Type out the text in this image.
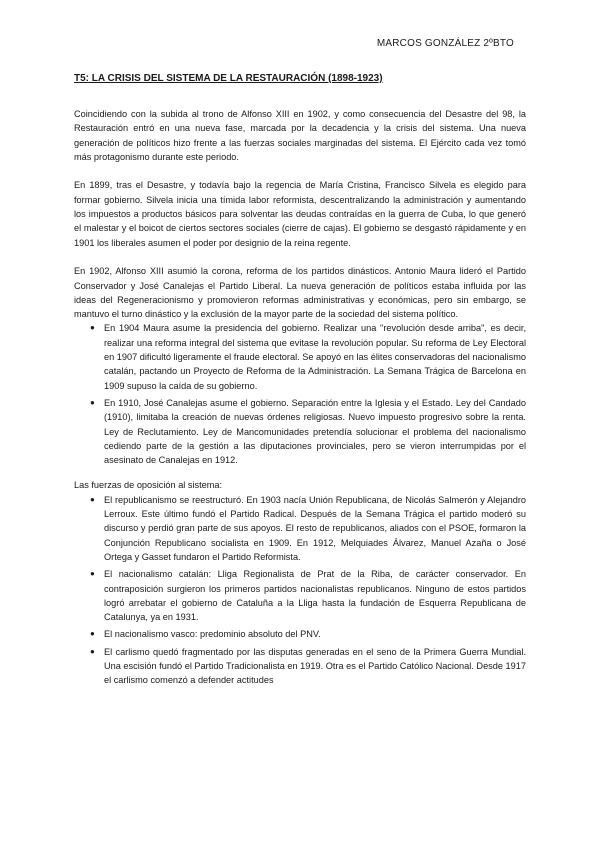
MARCOS GONZÁLEZ 2ºBTO
T5: LA CRISIS DEL SISTEMA DE LA RESTAURACIÓN (1898-1923)

Coincidiendo con la subida al trono de Alfonso XIII en 1902, y como consecuencia del Desastre del 98, la Restauración entró en una nueva fase, marcada por la decadencia y la crisis del sistema. Una nueva generación de políticos hizo frente a las fuerzas sociales marginadas del sistema. El Ejército cada vez tomó más protagonismo durante este periodo.

En 1899, tras el Desastre, y todavía bajo la regencia de María Cristina, Francisco Silvela es elegido para formar gobierno. Silvela inicia una tímida labor reformista, descentralizando la administración y aumentando los impuestos a productos básicos para solventar las deudas contraídas en la guerra de Cuba, lo que generó el malestar y el boicot de ciertos sectores sociales (cierre de cajas). El gobierno se desgastó rápidamente y en 1901 los liberales asumen el poder por designio de la reina regente.

En 1902, Alfonso XIII asumió la corona, reforma de los partidos dinásticos. Antonio Maura lideró el Partido Conservador y José Canalejas el Partido Liberal. La nueva generación de políticos estaba influida por las ideas del Regeneracionismo y promovieron reformas administrativas y económicas, pero sin embargo, se mantuvo el turno dinástico y la exclusión de la mayor parte de la sociedad del sistema político.

● En 1904 Maura asume la presidencia del gobierno. Realizar una "revolución desde arriba", es decir, realizar una reforma integral del sistema que evitase la revolución popular. Su reforma de Ley Electoral en 1907 dificultó ligeramente el fraude electoral. Se apoyó en las élites conservadoras del nacionalismo catalán, pactando un Proyecto de Reforma de la Administración. La Semana Trágica de Barcelona en 1909 supuso la caída de su gobierno.
● En 1910, José Canalejas asume el gobierno. Separación entre la Iglesia y el Estado. Ley del Candado (1910), limitaba la creación de nuevas órdenes religiosas. Nuevo impuesto progresivo sobre la renta. Ley de Reclutamiento. Ley de Mancomunidades pretendía solucionar el problema del nacionalismo cediendo parte de la gestión a las diputaciones provinciales, pero se vieron interrumpidas por el asesinato de Canalejas en 1912.
Las fuerzas de oposición al sistema:
● El republicanismo se reestructuró. En 1903 nacía Unión Republicana, de Nicolás Salmerón y Alejandro Lerroux. Este último fundó el Partido Radical. Después de la Semana Trágica el partido moderó su discurso y perdió gran parte de sus apoyos. El resto de republicanos, aliados con el PSOE, formaron la Conjunción Republicano socialista en 1909. En 1912, Melquiades Álvarez, Manuel Azaña o José Ortega y Gasset fundaron el Partido Reformista.
● El nacionalismo catalán: Lliga Regionalista de Prat de la Riba, de carácter conservador. En contraposición surgieron los primeros partidos nacionalistas republicanos. Ninguno de estos partidos logró arrebatar el gobierno de Cataluña a la Lliga hasta la fundación de Esquerra Republicana de Catalunya, ya en 1931.
● El nacionalismo vasco: predominio absoluto del PNV.
● El carlismo quedó fragmentado por las disputas generadas en el seno de la Primera Guerra Mundial. Una escisión fundó el Partido Tradicionalista en 1919. Otra es el Partido Católico Nacional. Desde 1917 el carlismo comenzó a defender actitudes
